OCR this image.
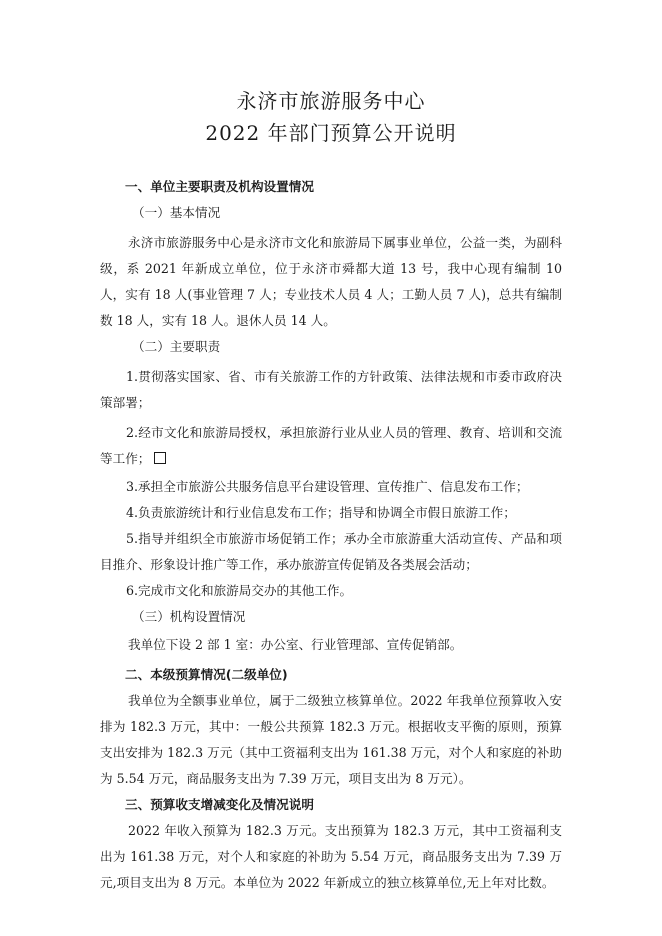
永济市旅游服务中心
2022 年部门预算公开说明

一、单位主要职责及机构设置情况

（一）基本情况

永济市旅游服务中心是永济市文化和旅游局下属事业单位，公益一类，为副科级，系 2021 年新成立单位，位于永济市舜都大道 13 号，我中心现有编制 10 人，实有 18 人(事业管理 7 人；专业技术人员 4 人；工勤人员 7 人)，总共有编制数 18 人，实有 18 人。退休人员 14 人。

（二）主要职责

1.贯彻落实国家、省、市有关旅游工作的方针政策、法律法规和市委市政府决策部署；

2.经市文化和旅游局授权，承担旅游行业从业人员的管理、教育、培训和交流等工作；

3.承担全市旅游公共服务信息平台建设管理、宣传推广、信息发布工作；

4.负责旅游统计和行业信息发布工作；指导和协调全市假日旅游工作；

5.指导并组织全市旅游市场促销工作；承办全市旅游重大活动宣传、产品和项目推介、形象设计推广等工作，承办旅游宣传促销及各类展会活动；

6.完成市文化和旅游局交办的其他工作。

（三）机构设置情况

我单位下设 2 部 1 室：办公室、行业管理部、宣传促销部。

二、本级预算情况(二级单位)

我单位为全额事业单位，属于二级独立核算单位。2022 年我单位预算收入安排为 182.3 万元，其中：一般公共预算 182.3 万元。根据收支平衡的原则，预算支出安排为 182.3 万元（其中工资福利支出为 161.38 万元，对个人和家庭的补助为 5.54 万元，商品服务支出为 7.39 万元，项目支出为 8 万元）。

三、预算收支增减变化及情况说明

2022 年收入预算为 182.3 万元。支出预算为 182.3 万元，其中工资福利支出为 161.38 万元，对个人和家庭的补助为 5.54 万元，商品服务支出为 7.39 万元,项目支出为 8 万元。本单位为 2022 年新成立的独立核算单位,无上年对比数。
